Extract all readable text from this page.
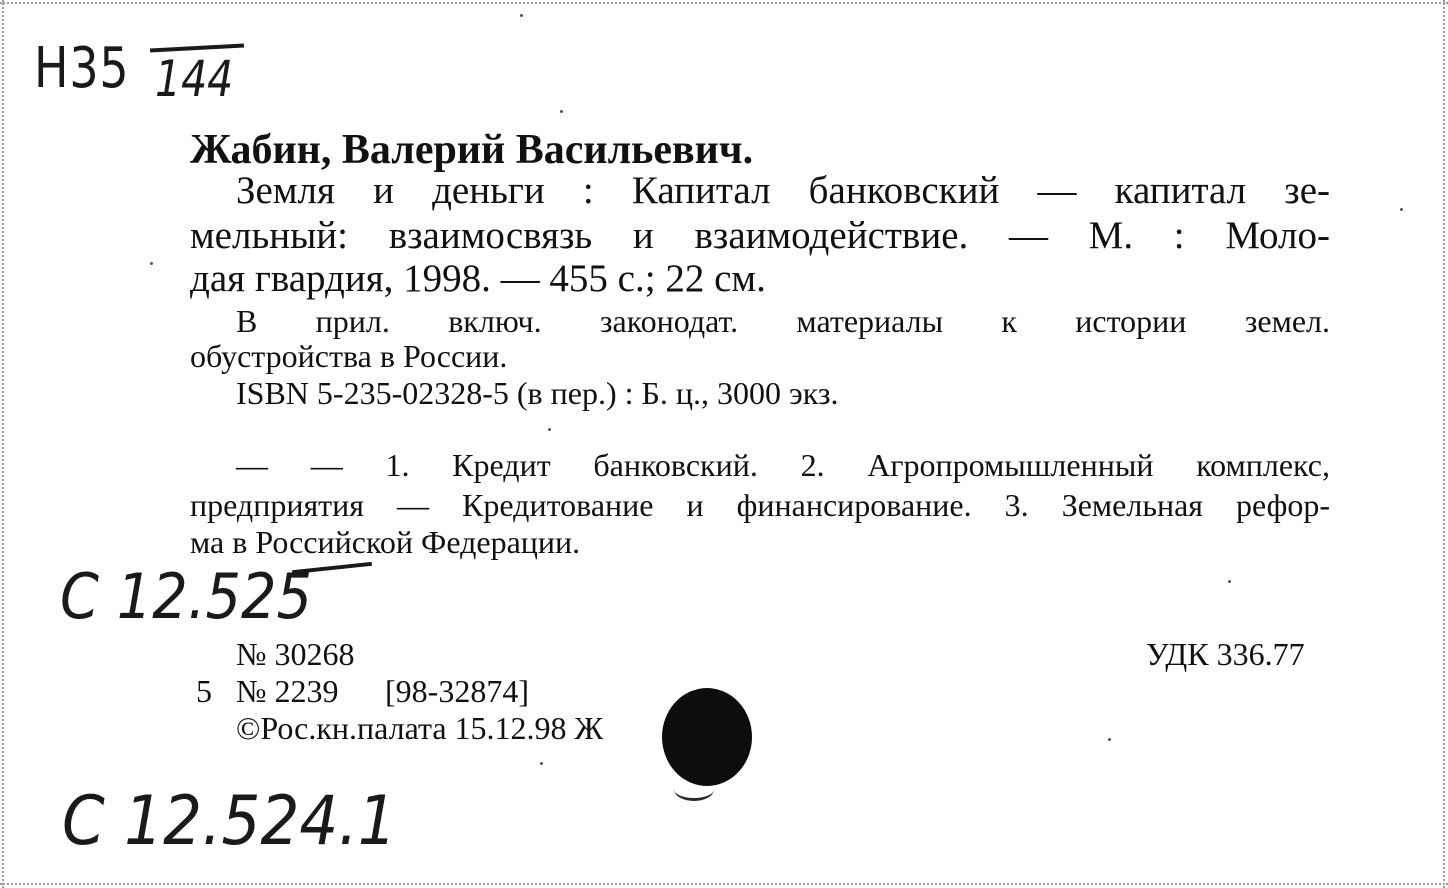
Н35 144
Жабин, Валерий Васильевич.
Земля и деньги : Капитал банковский — капитал зе-
мельный: взаимосвязь и взаимодействие. — М. : Моло-
дая гвардия, 1998. — 455 с.; 22 см.
В прил. включ. законодат. материалы к истории земел.
обустройства в России.
ISBN 5-235-02328-5 (в пер.) : Б. ц., 3000 экз.
— — 1. Кредит банковский. 2. Агропромышленный комплекс,
предприятия — Кредитование и финансирование. 3. Земельная рефор-
ма в Российской Федерации.
С 12.525
№ 30268	УДК 336.77
5 № 2239 [98-32874]
©Рос.кн.палата 15.12.98 Ж
С 12.524.1
